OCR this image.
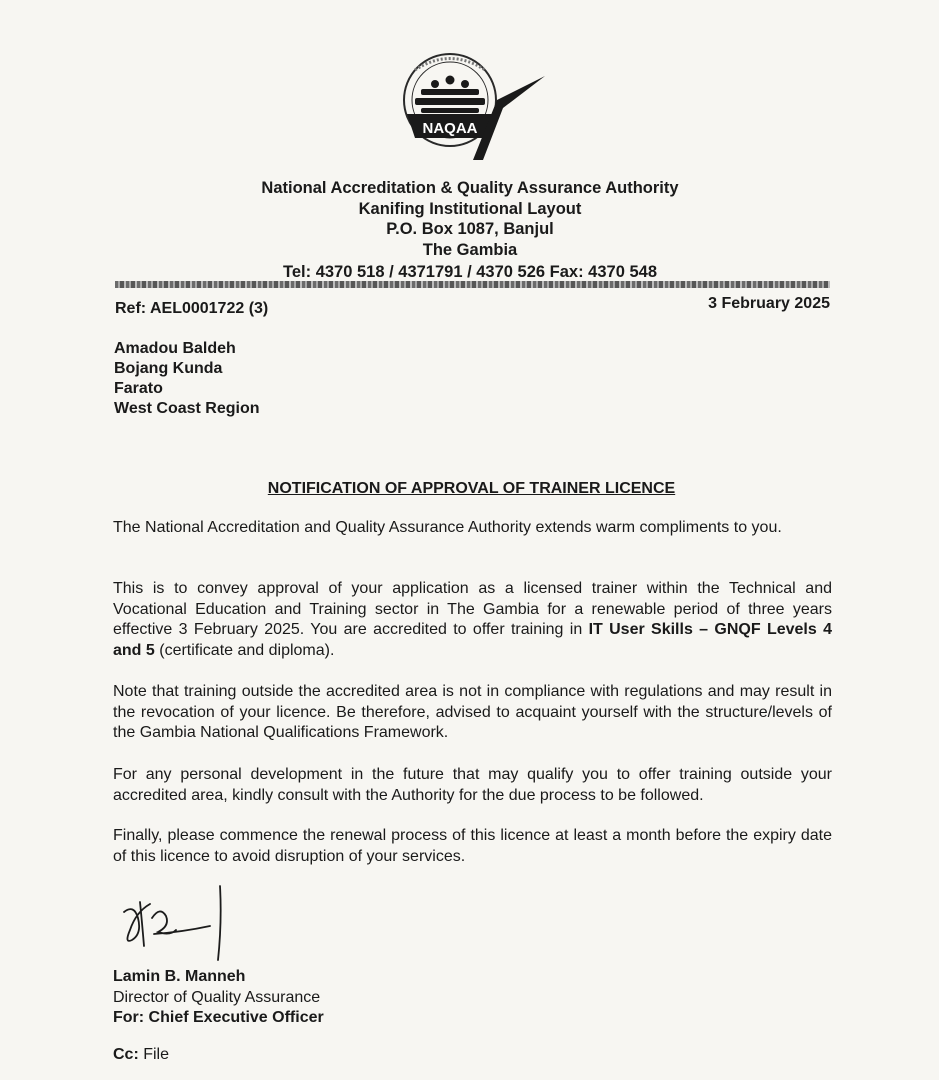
NAQAA
National Accreditation & Quality Assurance Authority
Kanifing Institutional Layout
P.O. Box 1087, Banjul
The Gambia
Tel: 4370 518 / 4371791 / 4370 526 Fax: 4370 548
Ref: AEL0001722 (3)	3 February 2025
Amadou Baldeh
Bojang Kunda
Farato
West Coast Region
NOTIFICATION OF APPROVAL OF TRAINER LICENCE
The National Accreditation and Quality Assurance Authority extends warm compliments to you.
This is to convey approval of your application as a licensed trainer within the Technical and Vocational Education and Training sector in The Gambia for a renewable period of three years effective 3 February 2025. You are accredited to offer training in IT User Skills – GNQF Levels 4 and 5 (certificate and diploma).
Note that training outside the accredited area is not in compliance with regulations and may result in the revocation of your licence. Be therefore, advised to acquaint yourself with the structure/levels of the Gambia National Qualifications Framework.
For any personal development in the future that may qualify you to offer training outside your accredited area, kindly consult with the Authority for the due process to be followed.
Finally, please commence the renewal process of this licence at least a month before the expiry date of this licence to avoid disruption of your services.
Lamin B. Manneh
Director of Quality Assurance
For: Chief Executive Officer
Cc: File
